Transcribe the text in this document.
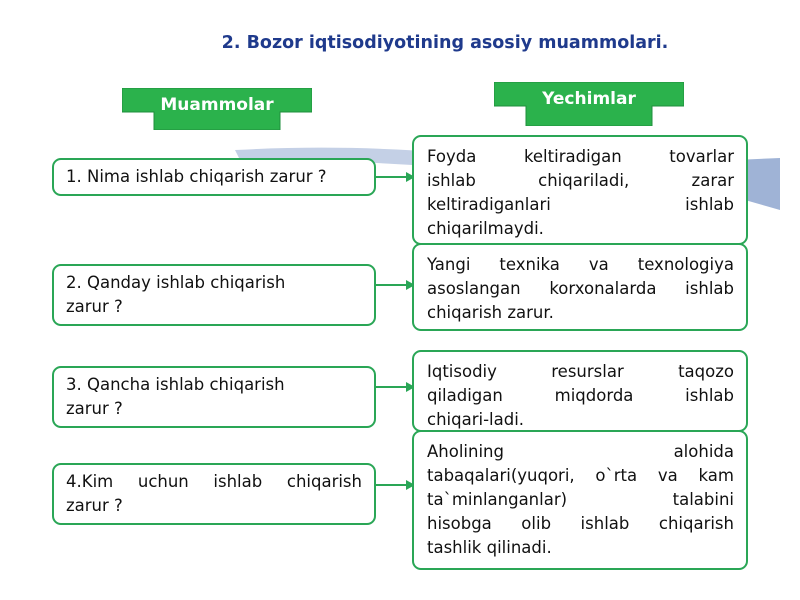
2. Bozor iqtisodiyotining asosiy muammolari.
Muammolar	Yechimlar
1. Nima ishlab chiqarish zarur ?
Foyda keltiradigan tovarlar
ishlab chiqariladi, zarar
keltiradiganlari ishlab
chiqarilmaydi.
2. Qanday ishlab chiqarish
zarur ?
Yangi texnika va texnologiya
asoslangan korxonalarda ishlab
chiqarish zarur.
3. Qancha ishlab chiqarish
zarur ?
Iqtisodiy resurslar taqozo
qiladigan miqdorda ishlab
chiqari-ladi.
4.Kim uchun ishlab chiqarish
zarur ?
Aholining alohida
tabaqalari(yuqori, o`rta va kam
ta`minlanganlar) talabini
hisobga olib ishlab chiqarish
tashlik qilinadi.
